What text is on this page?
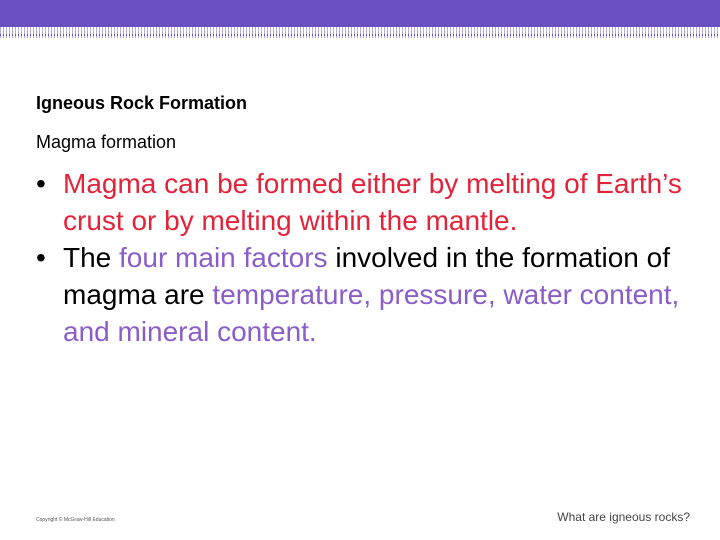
Igneous Rock Formation
Magma formation
• Magma can be formed either by melting of Earth’s crust or by melting within the mantle.
• The four main factors involved in the formation of magma are temperature, pressure, water content, and mineral content.
Copyright © McGraw-Hill Education	What are igneous rocks?
